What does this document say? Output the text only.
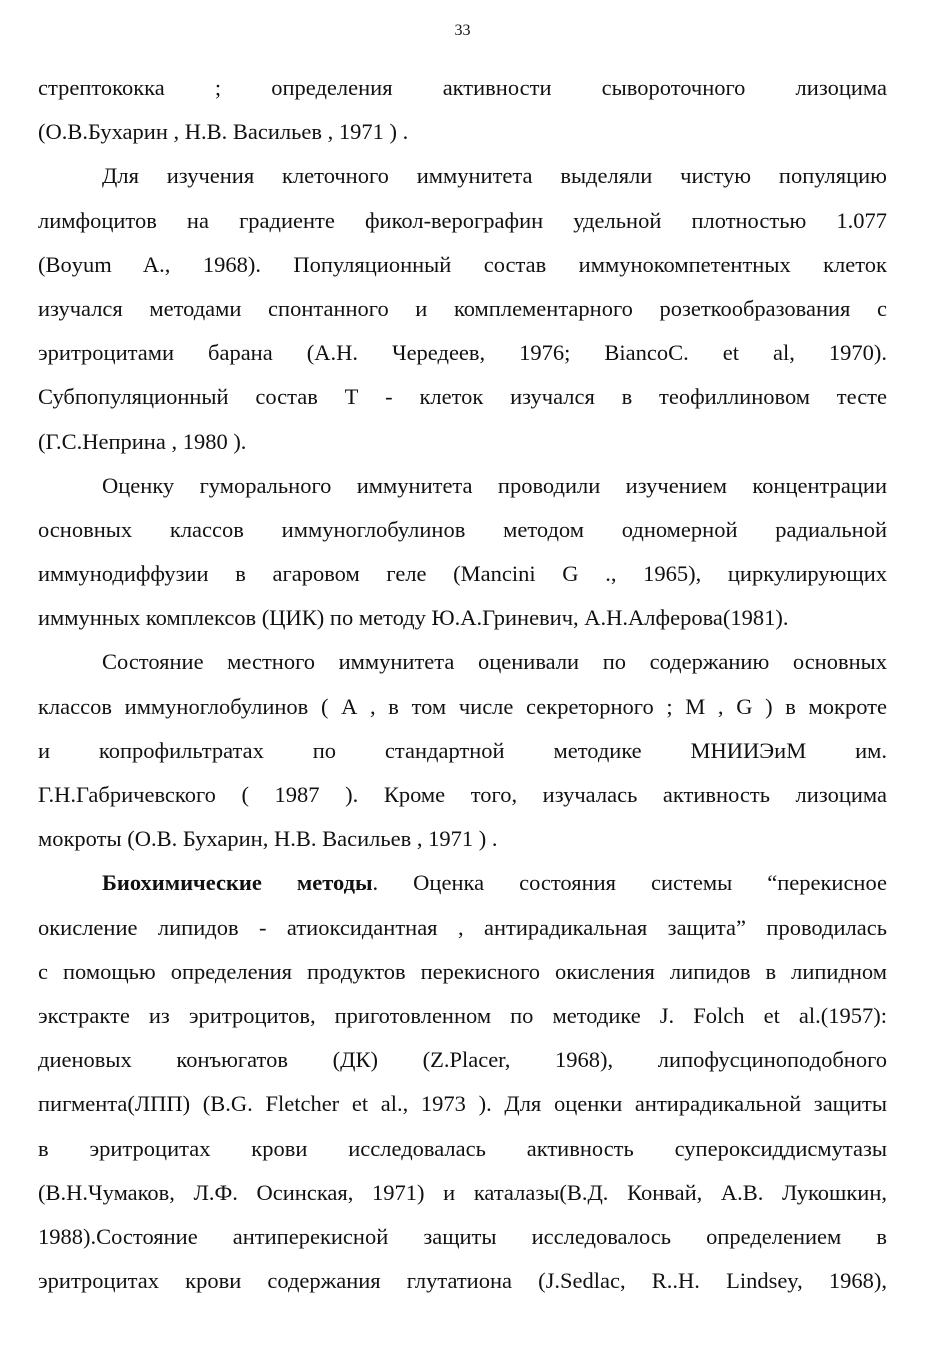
33
стрептококка ; определения активности сывороточного лизоцима
(О.В.Бухарин , Н.В. Васильев , 1971 ) .
Для изучения клеточного иммунитета выделяли чистую популяцию
лимфоцитов на градиенте фикол-верографин удельной плотностью 1.077
(Boyum A., 1968). Популяционный состав иммунокомпетентных клеток
изучался методами спонтанного и комплементарного розеткообразования с
эритроцитами барана (А.Н. Чередеев, 1976; BiancoC. et al, 1970).
Субпопуляционный состав Т - клеток изучался в теофиллиновом тесте
(Г.С.Неприна , 1980 ).
Оценку гуморального иммунитета проводили изучением концентрации
основных классов иммуноглобулинов методом одномерной радиальной
иммунодиффузии в агаровом геле (Mancini G ., 1965), циркулирующих
иммунных комплексов (ЦИК) по методу Ю.А.Гриневич, А.Н.Алферова(1981).
Состояние местного иммунитета оценивали по содержанию основных
классов иммуноглобулинов ( А , в том числе секреторного ; М , G ) в мокроте
и копрофильтратах по стандартной методике МНИИЭиМ им.
Г.Н.Габричевского ( 1987 ). Кроме того, изучалась активность лизоцима
мокроты (О.В. Бухарин, Н.В. Васильев , 1971 ) .
Биохимические методы. Оценка состояния системы “перекисное
окисление липидов - атиоксидантная , антирадикальная защита” проводилась
с помощью определения продуктов перекисного окисления липидов в липидном
экстракте из эритроцитов, приготовленном по методике J. Folch et al.(1957):
диеновых конъюгатов (ДК) (Z.Placer, 1968), липофусциноподобного
пигмента(ЛПП) (B.G. Fletcher et al., 1973 ). Для оценки антирадикальной защиты
в эритроцитах крови исследовалась активность супероксиддисмутазы
(В.Н.Чумаков, Л.Ф. Осинская, 1971) и каталазы(В.Д. Конвай, А.В. Лукошкин,
1988).Состояние антиперекисной защиты исследовалось определением в
эритроцитах крови содержания глутатиона (J.Sedlac, R..H. Lindsey, 1968),
